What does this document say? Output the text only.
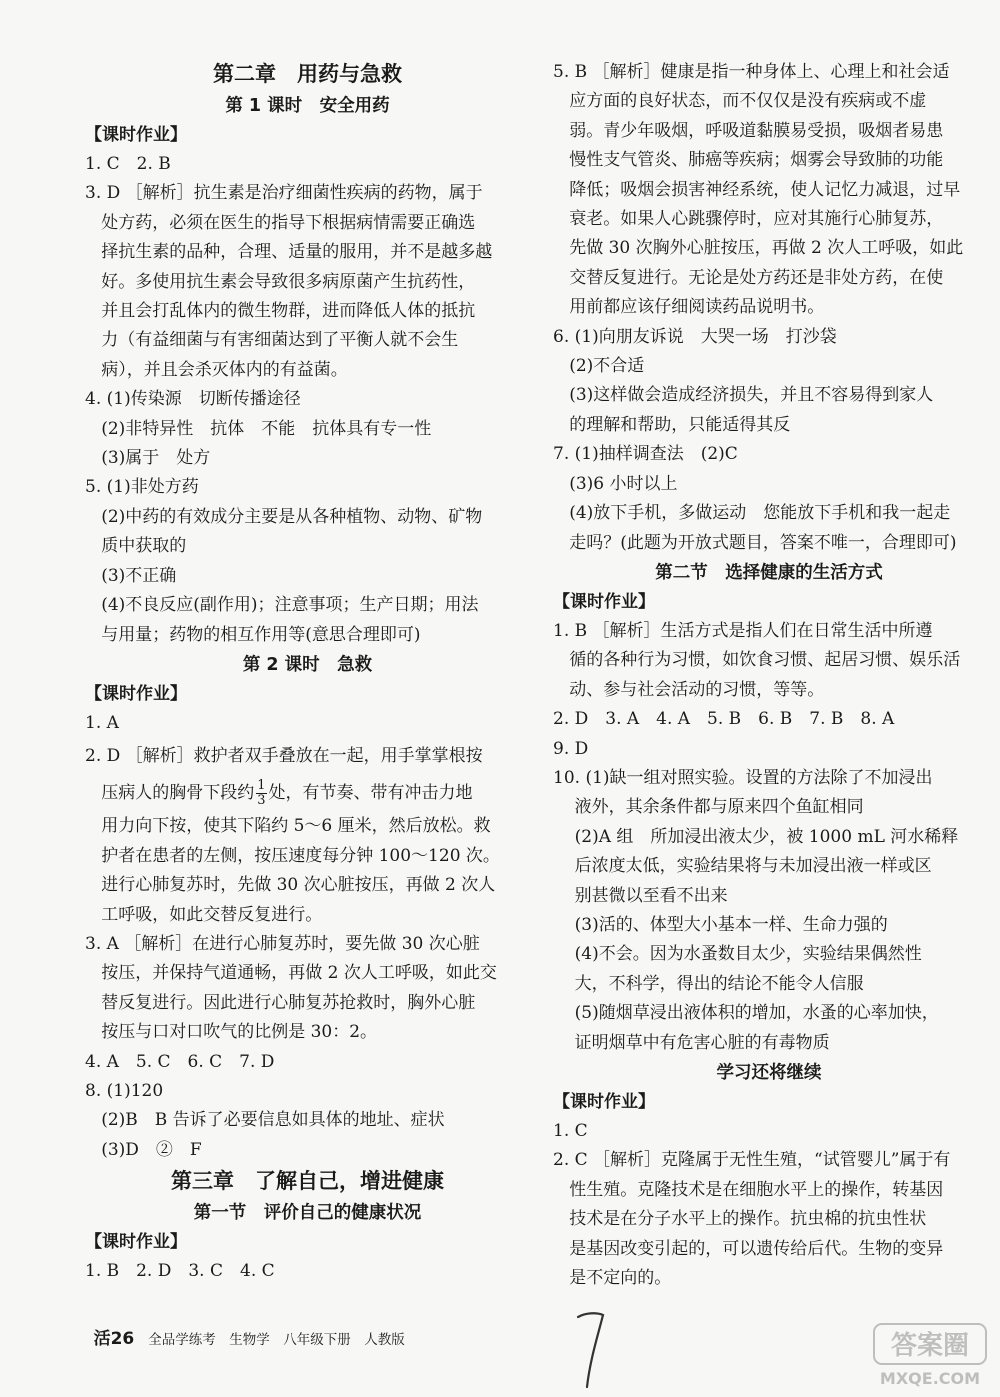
第二章　用药与急救
第 1 课时　安全用药
【课时作业】
1. C　2. B
3. D ［解析］抗生素是治疗细菌性疾病的药物，属于
处方药，必须在医生的指导下根据病情需要正确选
择抗生素的品种，合理、适量的服用，并不是越多越
好。多使用抗生素会导致很多病原菌产生抗药性，
并且会打乱体内的微生物群，进而降低人体的抵抗
力（有益细菌与有害细菌达到了平衡人就不会生
病），并且会杀灭体内的有益菌。
4. (1)传染源　切断传播途径
(2)非特异性　抗体　不能　抗体具有专一性
(3)属于　处方
5. (1)非处方药
(2)中药的有效成分主要是从各种植物、动物、矿物
质中获取的
(3)不正确
(4)不良反应(副作用)；注意事项；生产日期；用法
与用量；药物的相互作用等(意思合理即可)
第 2 课时　急救
【课时作业】
1. A
2. D ［解析］救护者双手叠放在一起，用手掌掌根按
压病人的胸骨下段约 $\frac{1}{3}$ 处，有节奏、带有冲击力地
用力向下按，使其下陷约 5～6 厘米，然后放松。救
护者在患者的左侧，按压速度每分钟 100～120 次。
进行心肺复苏时，先做 30 次心脏按压，再做 2 次人
工呼吸，如此交替反复进行。
3. A ［解析］在进行心肺复苏时，要先做 30 次心脏
按压，并保持气道通畅，再做 2 次人工呼吸，如此交
替反复进行。因此进行心肺复苏抢救时，胸外心脏
按压与口对口吹气的比例是 30：2。
4. A　5. C　6. C　7. D
8. (1)120
(2)B　B 告诉了必要信息如具体的地址、症状
(3)D　②　F
第三章　了解自己，增进健康
第一节　评价自己的健康状况
【课时作业】
1. B　2. D　3. C　4. C
5. B ［解析］健康是指一种身体上、心理上和社会适
应方面的良好状态，而不仅仅是没有疾病或不虚
弱。青少年吸烟，呼吸道黏膜易受损，吸烟者易患
慢性支气管炎、肺癌等疾病；烟雾会导致肺的功能
降低；吸烟会损害神经系统，使人记忆力减退，过早
衰老。如果人心跳骤停时，应对其施行心肺复苏，
先做 30 次胸外心脏按压，再做 2 次人工呼吸，如此
交替反复进行。无论是处方药还是非处方药，在使
用前都应该仔细阅读药品说明书。
6. (1)向朋友诉说　大哭一场　打沙袋
(2)不合适
(3)这样做会造成经济损失，并且不容易得到家人
的理解和帮助，只能适得其反
7. (1)抽样调查法　(2)C
(3)6 小时以上
(4)放下手机，多做运动　您能放下手机和我一起走
走吗？(此题为开放式题目，答案不唯一，合理即可)
第二节　选择健康的生活方式
【课时作业】
1. B ［解析］生活方式是指人们在日常生活中所遵
循的各种行为习惯，如饮食习惯、起居习惯、娱乐活
动、参与社会活动的习惯，等等。
2. D　3. A　4. A　5. B　6. B　7. B　8. A
9. D
10. (1)缺一组对照实验。设置的方法除了不加浸出
液外，其余条件都与原来四个鱼缸相同
(2)A 组　所加浸出液太少，被 1000 mL 河水稀释
后浓度太低，实验结果将与未加浸出液一样或区
别甚微以至看不出来
(3)活的、体型大小基本一样、生命力强的
(4)不会。因为水蚤数目太少，实验结果偶然性
大，不科学，得出的结论不能令人信服
(5)随烟草浸出液体积的增加，水蚤的心率加快，
证明烟草中有危害心脏的有毒物质
学习还将继续
【课时作业】
1. C
2. C ［解析］克隆属于无性生殖，“试管婴儿”属于有
性生殖。克隆技术是在细胞水平上的操作，转基因
技术是在分子水平上的操作。抗虫棉的抗虫性状
是基因改变引起的，可以遗传给后代。生物的变异
是不定向的。

活26 全品学练考　生物学　八年级下册　人教版	答案圈
MXQE.COM
